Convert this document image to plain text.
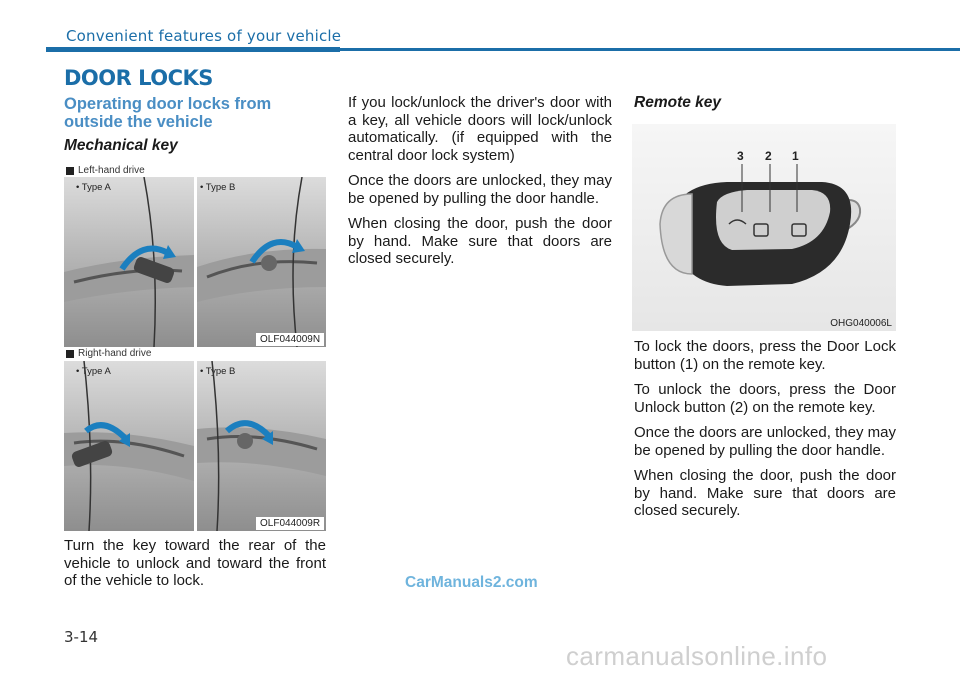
Convenient features of your vehicle
DOOR LOCKS
Operating door locks from outside the vehicle
Mechanical key
Left-hand drive
• Type A	• Type B
OLF044009N
Right-hand drive
• Type A	• Type B
OLF044009R

Turn the key toward the rear of the vehicle to unlock and toward the front of the vehicle to lock.

If you lock/unlock the driver's door with a key, all vehicle doors will lock/unlock automatically. (if equipped with the central door lock system)

Once the doors are unlocked, they may be opened by pulling the door handle.

When closing the door, push the door by hand. Make sure that doors are closed securely.

Remote key
3 2 1
OHG040006L

To lock the doors, press the Door Lock button (1) on the remote key.

To unlock the doors, press the Door Unlock button (2) on the remote key.

Once the doors are unlocked, they may be opened by pulling the door handle.

When closing the door, push the door by hand. Make sure that doors are closed securely.

CarManuals2.com
3-14
carmanualsonline.info
